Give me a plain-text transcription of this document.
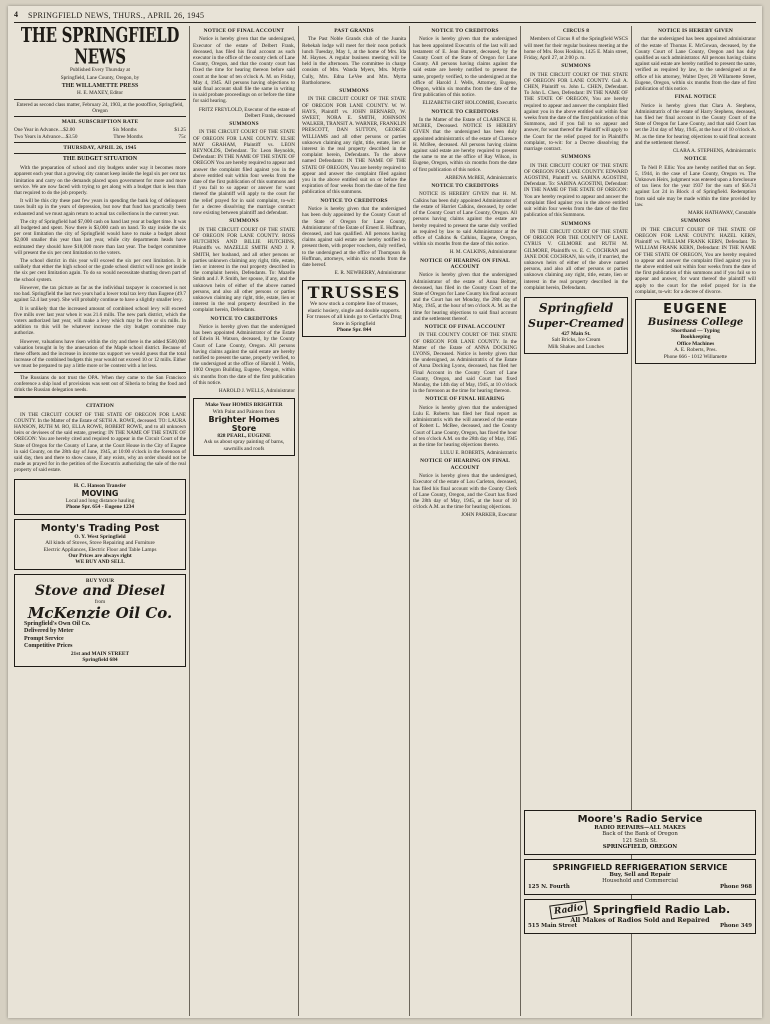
4 SPRINGFIELD NEWS, THURS., APRIL 26, 1945
THE SPRINGFIELD NEWS

Published Every Thursday at

Springfield, Lane County, Oregon, by

THE WILLAMETTE PRESS

H. E. MAXEY, Editor

Entered as second class matter, February 24, 1903, at the postoffice, Springfield, Oregon

MAIL SUBSCRIPTION RATE
One Year in Advance....$2.00	Six Months	$1.25
Two Years in Advance....$3.50	Three Months	75c
THURSDAY, APRIL 26, 1945
THE BUDGET SITUATION

With the preparation of school and city budgets under way it becomes more apparent each year that a growing city cannot keep inside the legal six per cent tax limitation and carry on the demands placed upon government for more and more service. We are now faced with trying to get along with a budget that is less than that required to do the job properly.

It will be this city these past few years in spending the bank log of delinquent taxes built up in the years of depression, but now that fund has practically been exhausted and we must again return to actual tax collections in the current year.

The city of Springfield had $7,000 cash on hand last year at budget time. It was all budgeted and spent. Now there is $3,000 cash on hand. To stay inside the six per cent limitation the city of Springfield would have to make a budget about $2,000 smaller this year than last year, while city departments heads have estimated they should have $18,000 more than last year. The budget committee will present the six per cent limitation to the voters.

The school district in this year will exceed the six per cent limitation. It is unlikely that either the high school or the grade school district will now get inside the six per cent limitation again. To do so would necessitate shutting down part of the school system.

However, the tax picture as far as the individual taxpayer is concerned is not too bad. Springfield the last two years had a lower total tax levy than Eugene (49.7 against 52.4 last year). She will probably continue to have a slightly smaller levy.

It is unlikely that the increased amount of combined school levy will exceed five mills over last year when it was 21.6 mills. The new park district, which the voters authorized last year, will make a levy which may be five or six mills. In addition to this will be whatever increase the city budget committee may authorize.

However, valuations have risen within the city and there is the added $500,000 valuation brought in by the annexation of the Maple school district. Because of these offsets and the increase in income tax support we would guess that the total increase of the combined budgets this year would not exceed 10 or 12 mills. Either we must be prepared to pay a little more or be content with a lot less.

The Russians do not trust the OPA. When they came to the San Francisco conference a ship load of provisions was sent out of Siberia to bring the food and drink the Russian delegation needs.

CITATION

IN THE CIRCUIT COURT OF THE STATE OF OREGON FOR LANE COUNTY. In the Matter of the Estate of SETH A. ROWE, deceased. TO: LAURA HANSON, RUTH M. RO, ELLA ROWE, ROBERT ROWE, and to all unknown heirs or devisees of the said estate, greeting: IN THE NAME OF THE STATE OF OREGON: You are hereby cited and required to appear in the Circuit Court of the State of Oregon for the County of Lane, at the Court House in the City of Eugene in said County, on the 28th day of June, 1945, at 10:00 o'clock in the forenoon of said day, then and there to show cause, if any exists, why an order should not be made as prayed for in the petition of the Executrix authorizing the sale of the real property of said estate.

H. C. Hanson Transfer
MOVING
Local and long distance hauling
Phone Spr. 654 - Eugene 1234
Monty's Trading Post
O. Y. West Springfield
All kinds of Stoves, Stove Repairing and Furniture
Electric Appliances, Electric Floor and Table Lamps
Our Prices are always right
WE BUY AND SELL
BUY YOUR
Stove and Diesel
from
McKenzie Oil Co.
Springfield's Own Oil Co.
Delivered by Meter
Prompt Service
Competitive Prices
21st and MAIN STREET
Springfield 684
NOTICE OF FINAL ACCOUNT

Notice is hereby given that the undersigned, Executor of the estate of Delbert Frank, deceased, has filed his final account as such executor in the office of the county clerk of Lane County, Oregon, and that the county court has fixed the time for hearing thereon before said court at the hour of ten o'clock A. M. on Friday, May 4, 1945. All persons having objections to said final account shall file the same in writing in said probate proceedings on or before the time for said hearing.

FRITZ FREYLOLD, Executor of the estate of Delbert Frank, deceased

SUMMONS

IN THE CIRCUIT COURT OF THE STATE OF OREGON FOR LANE COUNTY. ELSIE MAY GRAHAM, Plaintiff vs. LEON REYNOLDS, Defendant. To: Leon Reynolds, Defendant: IN THE NAME OF THE STATE OF OREGON You are hereby required to appear and answer the complaint filed against you in the above entitled suit within four weeks from the date of the first publication of this summons and if you fail to so appear or answer for want thereof the plaintiff will apply to the court for the relief prayed for in said complaint, to-wit: for a decree dissolving the marriage contract now existing between plaintiff and defendant.

SUMMONS

IN THE CIRCUIT COURT OF THE STATE OF OREGON FOR LANE COUNTY. ROSS HUTCHINS AND BILLIE HUTCHINS, Plaintiffs vs. MAZELLE SMITH AND J. P. SMITH, her husband, and all other persons or parties unknown claiming any right, title, estate, lien or interest in the real property described in the complaint herein, Defendants. To: Mazelle Smith and J. P. Smith, her spouse, if any, and the unknown heirs of either of the above named persons, and also all other persons or parties unknown claiming any right, title, estate, lien or interest in the real property described in the complaint herein, Defendants.

NOTICE TO CREDITORS

Notice is hereby given that the undersigned has been appointed Administrator of the Estate of Edwin H. Watson, deceased, by the County Court of Lane County, Oregon. All persons having claims against the said estate are hereby notified to present the same, properly verified, to the undersigned at the office of Harold J. Wells, 1002 Oregon Building, Eugene, Oregon, within six months from the date of the first publication of this notice.

HAROLD J. WELLS, Administrator

Make Your HOMES BRIGHTER
With Paint and Painters from
Brighter Homes Store
828 PEARL, EUGENE
Ask us about spray painting of barns, sawmills and roofs
PAST GRANDS

The Past Noble Grands club of the Juanita Rebekah lodge will meet for their noon potluck lunch Tuesday, May 1, at the home of Mrs. Ida M. Haynes. A regular business meeting will be held in the afternoon. The committee in charge consists of Mrs. Wanda Myers, Mrs. Myrtle Cully, Mrs. Edna LeVee and Mrs. Myrta Bartholomew.

SUMMONS

IN THE CIRCUIT COURT OF THE STATE OF OREGON FOR LANE COUNTY. W. W. HAYS, Plaintiff vs. JOHN BERNARD, W. SWEET, NORA E. SMITH, JOHNSON WALKER, TRANSIT A. WARNER, FRANKLIN PRESCOTT, DAN SUTTON, GEORGE WILLIAMS and all other persons or parties unknown claiming any right, title, estate, lien or interest in the real property described in the complaint herein, Defendants. To the above named Defendants: IN THE NAME OF THE STATE OF OREGON, You are hereby required to appear and answer the complaint filed against you in the above entitled suit on or before the expiration of four weeks from the date of the first publication of this summons.

NOTICE TO CREDITORS

Notice is hereby given that the undersigned has been duly appointed by the County Court of the State of Oregon for Lane County, Administrator of the Estate of Ernest E. Huffman, deceased, and has qualified. All persons having claims against said estate are hereby notified to present them, with proper vouchers, duly verified, to the undersigned at the office of Thompson & Hoffman, attorneys, within six months from the date hereof.

E. R. NEWBERRY, Administrator

TRUSSES
We now stock a complete line of trusses, elastic hosiery, single and double supports. For trusses of all kinds go to Gerlach's Drug Store in Springfield
Phone Spr. 844
NOTICE TO CREDITORS

Notice is hereby given that the undersigned has been appointed Executrix of the last will and testament of E. Jean Burnett, deceased, by the County Court of the State of Oregon for Lane County. All persons having claims against the said estate are hereby notified to present the same, properly verified, to the undersigned at the office of Harold J. Wells, Attorney, Eugene, Oregon, within six months from the date of the first publication of this notice.

ELIZABETH GIRT HOLCOMBE, Executrix

NOTICE TO CREDITORS

In the Matter of the Estate of CLARENCE H. MCBEE, Deceased. NOTICE IS HEREBY GIVEN that the undersigned has been duly appointed administratrix of the estate of Clarence H. McBee, deceased. All persons having claims against said estate are hereby required to present the same to me at the office of Ray Wilson, in Eugene, Oregon, within six months from the date of first publication of this notice.

ARBENA McBEE, Administratrix

NOTICE TO CREDITORS

NOTICE IS HEREBY GIVEN that H. M. Calkins has been duly appointed Administrator of the estate of Harriet Calkins, deceased, by order of the County Court of Lane County, Oregon. All persons having claims against the estate are hereby required to present the same duly verified as required by law to said Administrator at the office of Calkins & Calkins, Eugene, Oregon, within six months from the date of this notice.

H. M. CALKINS, Administrator

NOTICE OF HEARING ON FINAL ACCOUNT

Notice is hereby given that the undersigned Administrator of the estate of Anna Beltzer, deceased, has filed in the County Court of the State of Oregon for Lane County his final account and the Court has set Monday, the 28th day of May, 1945, at the hour of ten o'clock A. M. as the time for hearing objections to said final account and the settlement thereof.

NOTICE OF FINAL ACCOUNT

IN THE COUNTY COURT OF THE STATE OF OREGON FOR LANE COUNTY. In the Matter of the Estate of ANNA DOCKING LYONS, Deceased. Notice is hereby given that the undersigned, as Administratrix of the Estate of Anna Docking Lyons, deceased, has filed her Final Account in the County Court of Lane County, Oregon, and said Court has fixed Monday, the 14th day of May, 1945, at 10 o'clock in the forenoon as the time for hearing thereon.

NOTICE OF FINAL HEARING

Notice is hereby given that the undersigned Lulu E. Roberts has filed her final report as administratrix with the will annexed of the estate of Robert L. McBee, deceased, and the County Court of Lane County, Oregon, has fixed the hour of ten o'clock A.M. on the 28th day of May, 1945 as the time for hearing objections thereto.

LULU E. ROBERTS, Administratrix

NOTICE OF HEARING ON FINAL ACCOUNT

Notice is hereby given that the undersigned, Executor of the estate of Lou Carleton, deceased, has filed his final account with the County Clerk of Lane County, Oregon, and the Court has fixed the 28th day of May, 1945, at the hour of 10 o'clock A.M. as the time for hearing objections.

JOHN PARKER, Executor

CIRCUS 8

Members of Circus 8 of the Springfield WSCS will meet for their regular business meeting at the home of Mrs. Ross Hoskins, 1425 E. Main street, Friday, April 27, at 2:00 p. m.

SUMMONS

IN THE CIRCUIT COURT OF THE STATE OF OREGON FOR LANE COUNTY. Gail A. CHEN, Plaintiff vs. John L. CHEN, Defendant. To John L. Chen, Defendant: IN THE NAME OF THE STATE OF OREGON, You are hereby required to appear and answer the complaint filed against you in the above entitled suit within four weeks from the date of the first publication of this Summons, and if you fail to so appear and answer, for want thereof the Plaintiff will apply to the Court for the relief prayed for in Plaintiff's complaint, to-wit: for a Decree dissolving the marriage contract.

SUMMONS

IN THE CIRCUIT COURT OF THE STATE OF OREGON FOR LANE COUNTY. EDWARD AGOSTINI, Plaintiff vs. SABINA AGOSTINI, Defendant. To: SABINA AGOSTINI, Defendant: IN THE NAME OF THE STATE OF OREGON: You are hereby required to appear and answer the complaint filed against you in the above entitled suit within four weeks from the date of the first publication of this Summons.

SUMMONS

IN THE CIRCUIT COURT OF THE STATE OF OREGON FOR THE COUNTY OF LANE. CYRUS V. GILMORE and RUTH M. GILMORE, Plaintiffs vs. E. C. COCHRAN and JANE DOE COCHRAN, his wife, if married, the unknown heirs of either of the above named persons, and also all other persons or parties unknown claiming any right, title, estate, lien or interest in the real property described in the complaint herein, Defendants.

Springfield
Super-Creamed
427 Main St.
Salt Bricks, Ice Cream
Milk Shakes and Lunches
NOTICE IS HEREBY GIVEN

that the undersigned has been appointed administrator of the estate of Thomas E. McGowan, deceased, by the County Court of Lane County, Oregon and has duly qualified as such administrator. All persons having claims against said estate are hereby notified to present the same, verified as required by law, to the undersigned at the office of his attorney, Walter Dyer, 20 Willamette Street, Eugene, Oregon, within six months from the date of first publication of this notice.

FINAL NOTICE

Notice is hereby given that Clara A. Stephens, Administratrix of the estate of Harry Stephens, deceased, has filed her final account in the County Court of the State of Oregon for Lane County, and that said Court has set the 21st day of May, 1945, at the hour of 10 o'clock A. M. as the time for hearing objections to said final account and the settlement thereof.

CLARA A. STEPHENS, Administratrix

NOTICE

To Nell P. Ellis: You are hereby notified that on Sept. 5, 1944, in the case of Lane County, Oregon vs. The Unknown Heirs, judgment was entered upon a foreclosure of tax liens for the year 1937 for the sum of $56.74 against Lot 24 in Block 4 of Springfield. Redemption from said sale may be made within the time provided by law.

MARK HATHAWAY, Constable

SUMMONS

IN THE CIRCUIT COURT OF THE STATE OF OREGON FOR LANE COUNTY. HAZEL KERN, Plaintiff vs. WILLIAM FRANK KERN, Defendant. To WILLIAM FRANK KERN, Defendant: IN THE NAME OF THE STATE OF OREGON, You are hereby required to appear and answer the complaint filed against you in the above entitled suit within four weeks from the date of the first publication of this summons and if you fail so to appear and answer, for want thereof the plaintiff will apply to the court for the relief prayed for in the complaint, to-wit: for a decree of divorce.

EUGENE
Business College
Shorthand — Typing
Bookkeeping
Office Machines
A. E. Roberts, Pres.
Phone 666 - 1012 Willamette
Moore's Radio Service
RADIO REPAIRS—ALL MAKES
Back of the Bank of Oregon
121 Sixth St.
SPRINGFIELD, OREGON
SPRINGFIELD REFRIGERATION SERVICE
Buy, Sell and Repair
Household and Commercial
125 N. Fourth	Phone 968
Radio Springfield Radio Lab.
All Makes of Radios Sold and Repaired
515 Main Street	Phone 349
